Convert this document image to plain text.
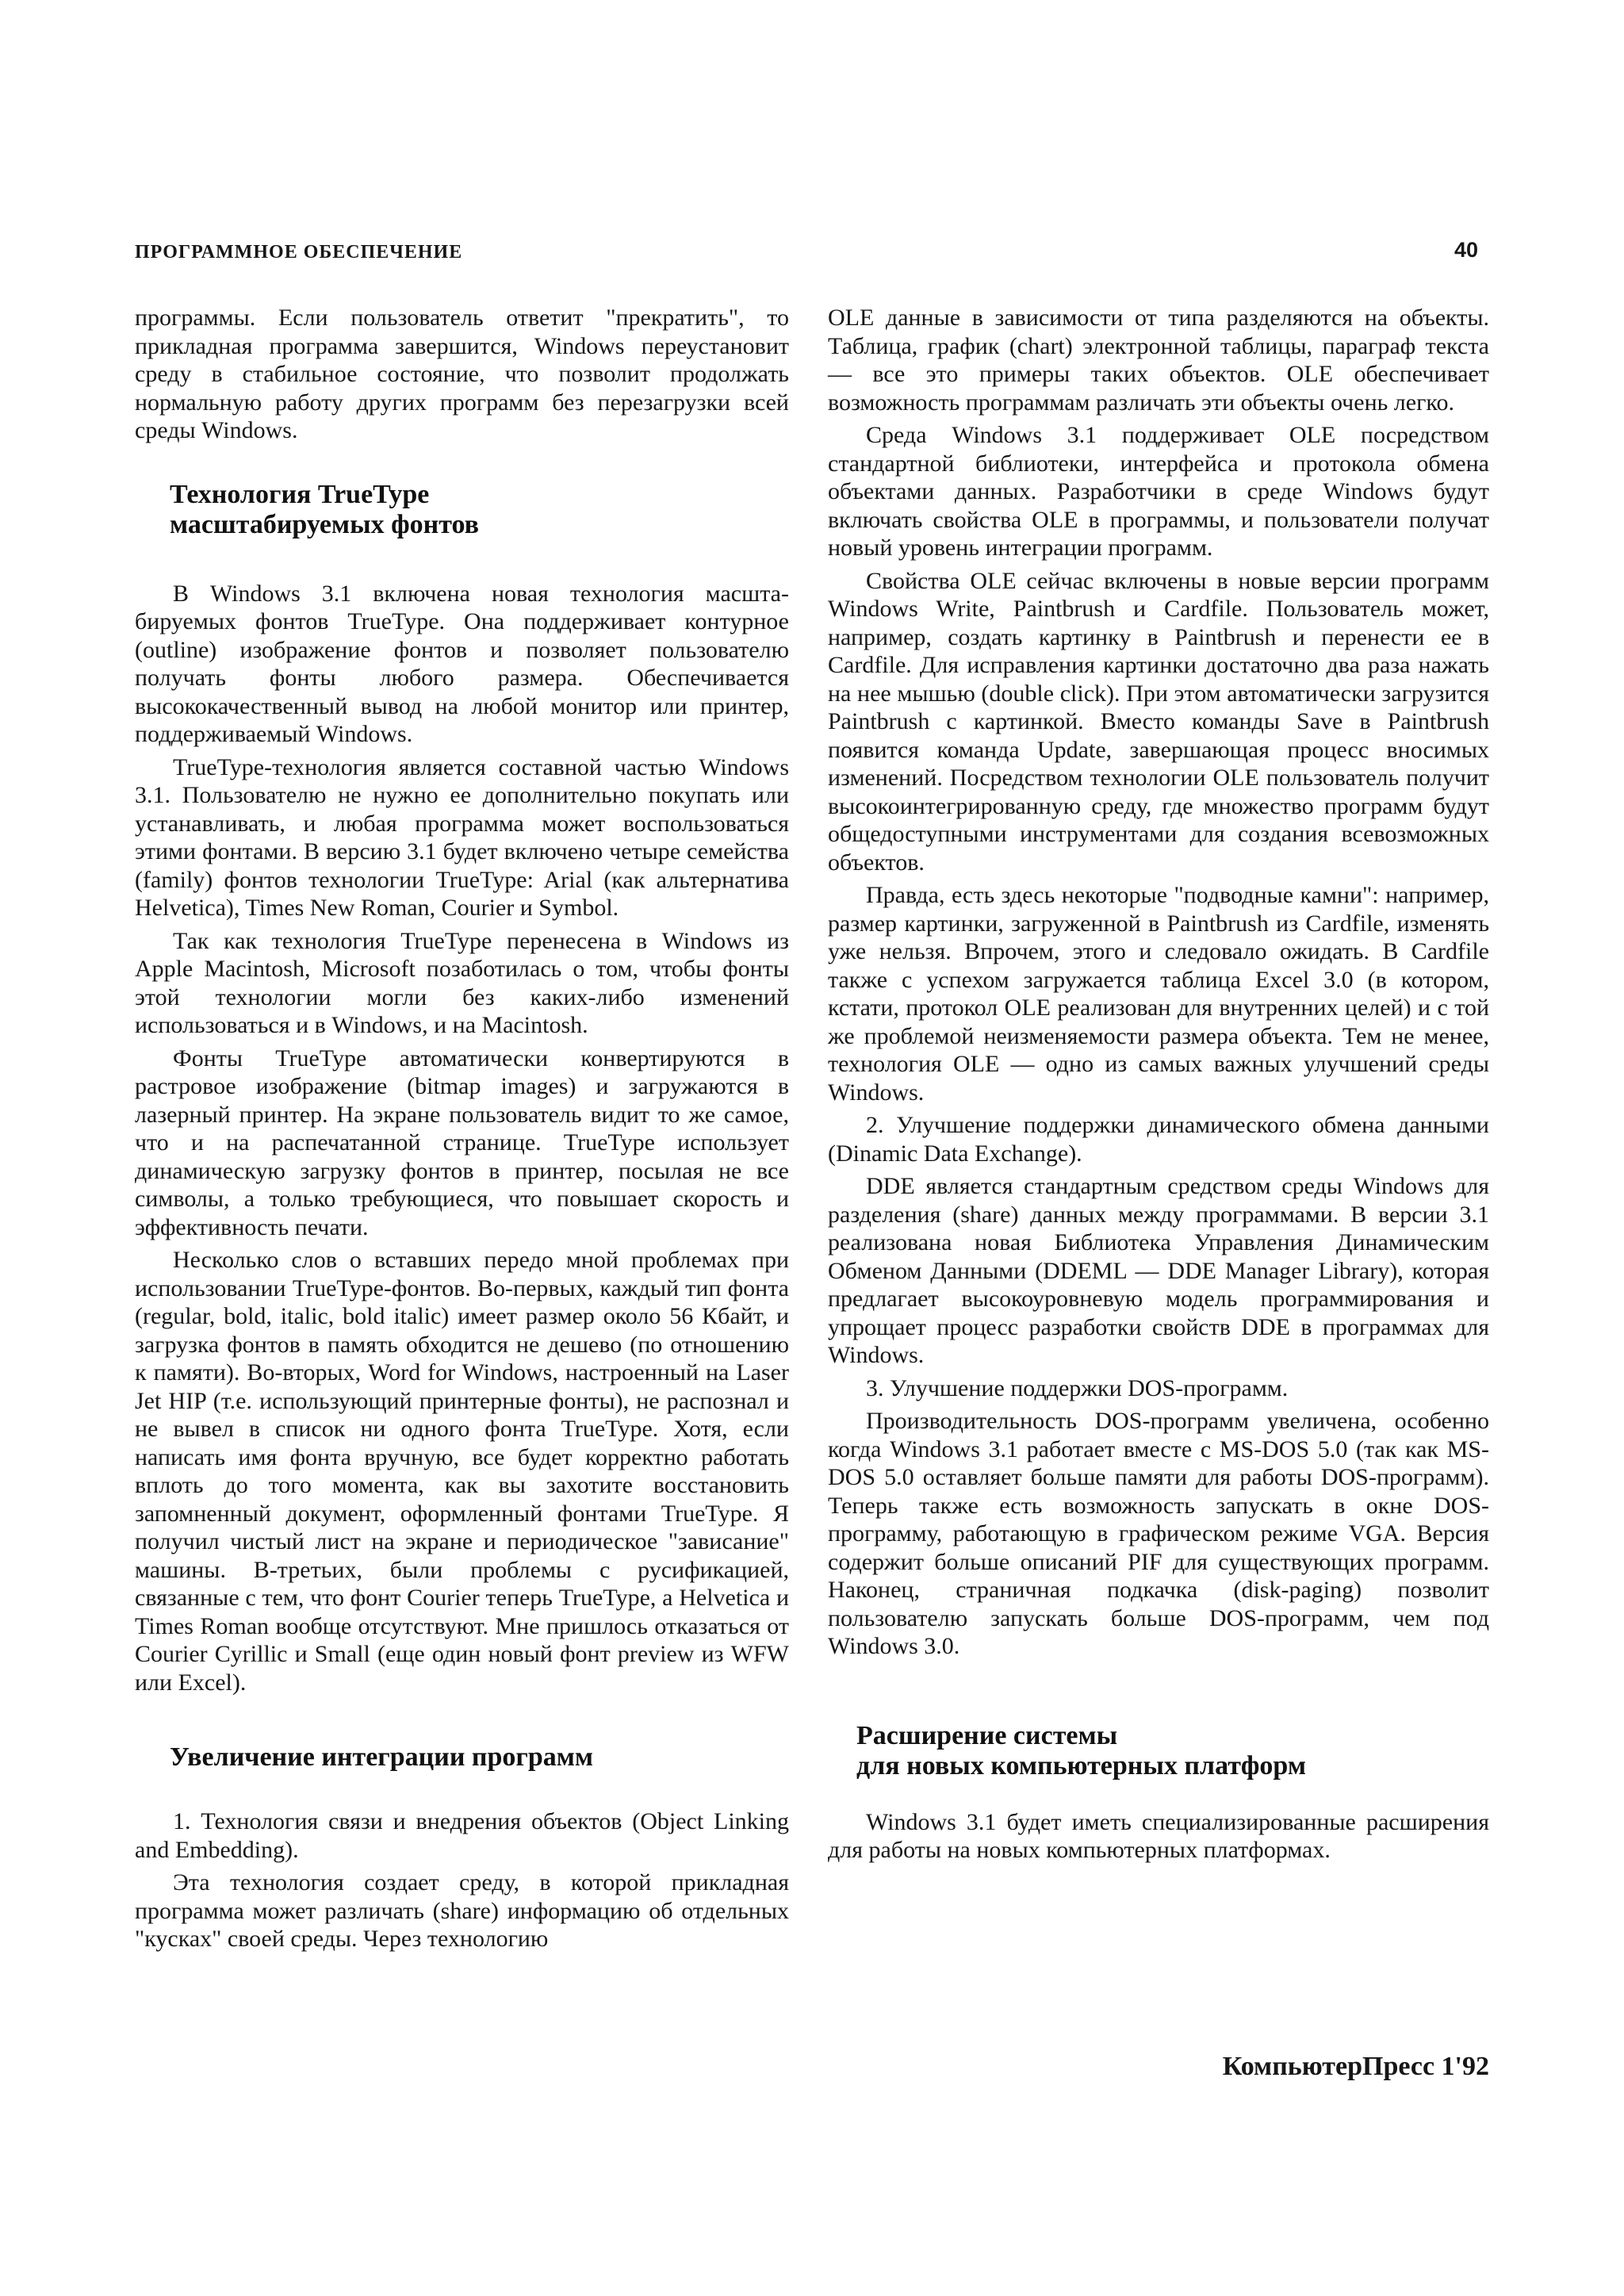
ПРОГРАММНОЕ ОБЕСПЕЧЕНИЕ	40

программы. Если пользователь ответит "прекратить", то прикладная программа завершится, Windows переустановит среду в стабильное состояние, что позволит продолжать нормальную работу других программ без перезагрузки всей среды Windows.

Технология TrueType
масштабируемых фонтов

В Windows 3.1 включена новая технология масштабируемых фонтов TrueType. Она поддерживает контурное (outline) изображение фонтов и позволяет пользователю получать фонты любого размера. Обеспечивается высококачественный вывод на любой монитор или принтер, поддерживаемый Windows.

TrueType-технология является составной частью Windows 3.1. Пользователю не нужно ее дополнительно покупать или устанавливать, и любая программа может воспользоваться этими фонтами. В версию 3.1 будет включено четыре семейства (family) фонтов технологии TrueType: Arial (как альтернатива Helvetica), Times New Roman, Courier и Symbol.

Так как технология TrueType перенесена в Windows из Apple Macintosh, Microsoft позаботилась о том, чтобы фонты этой технологии могли без каких-либо изменений использоваться и в Windows, и на Macintosh.

Фонты TrueType автоматически конвертируются в растровое изображение (bitmap images) и загружаются в лазерный принтер. На экране пользователь видит то же самое, что и на распечатанной странице. TrueType использует динамическую загрузку фонтов в принтер, посылая не все символы, а только требующиеся, что повышает скорость и эффективность печати.

Несколько слов о вставших передо мной проблемах при использовании TrueType-фонтов. Во-первых, каждый тип фонта (regular, bold, italic, bold italic) имеет размер около 56 Кбайт, и загрузка фонтов в память обходится не дешево (по отношению к памяти). Во-вторых, Word for Windows, настроенный на Laser Jet HIP (т.е. использующий принтерные фонты), не распознал и не вывел в список ни одного фонта TrueType. Хотя, если написать имя фонта вручную, все будет корректно работать вплоть до того момента, как вы захотите восстановить запомненный документ, оформленный фонтами TrueType. Я получил чистый лист на экране и периодическое "зависание" машины. В-третьих, были проблемы с русификацией, связанные с тем, что фонт Courier теперь TrueType, а Helvetica и Times Roman вообще отсутствуют. Мне пришлось отказаться от Courier Cyrillic и Small (еще один новый фонт preview из WFW или Excel).

Увеличение интеграции программ

1. Технология связи и внедрения объектов (Object Linking and Embedding).

Эта технология создает среду, в которой прикладная программа может различать (share) информацию об отдельных "кусках" своей среды. Через технологию

OLE данные в зависимости от типа разделяются на объекты. Таблица, график (chart) электронной таблицы, параграф текста — все это примеры таких объектов. OLE обеспечивает возможность программам различать эти объекты очень легко.

Среда Windows 3.1 поддерживает OLE посредством стандартной библиотеки, интерфейса и протокола обмена объектами данных. Разработчики в среде Windows будут включать свойства OLE в программы, и пользователи получат новый уровень интеграции программ.

Свойства OLE сейчас включены в новые версии программ Windows Write, Paintbrush и Cardfile. Пользователь может, например, создать картинку в Paintbrush и перенести ее в Cardfile. Для исправления картинки достаточно два раза нажать на нее мышью (double click). При этом автоматически загрузится Paintbrush с картинкой. Вместо команды Save в Paintbrush появится команда Update, завершающая процесс вносимых изменений. Посредством технологии OLE пользователь получит высокоинтегрированную среду, где множество программ будут общедоступными инструментами для создания всевозможных объектов.

Правда, есть здесь некоторые "подводные камни": например, размер картинки, загруженной в Paintbrush из Cardfile, изменять уже нельзя. Впрочем, этого и следовало ожидать. В Cardfile также с успехом загружается таблица Excel 3.0 (в котором, кстати, протокол OLE реализован для внутренних целей) и с той же проблемой неизменяемости размера объекта. Тем не менее, технология OLE — одно из самых важных улучшений среды Windows.

2. Улучшение поддержки динамического обмена данными (Dinamic Data Exchange).

DDE является стандартным средством среды Windows для разделения (share) данных между программами. В версии 3.1 реализована новая Библиотека Управления Динамическим Обменом Данными (DDEML — DDE Manager Library), которая предлагает высокоуровневую модель программирования и упрощает процесс разработки свойств DDE в программах для Windows.

3. Улучшение поддержки DOS-программ.

Производительность DOS-программ увеличена, особенно когда Windows 3.1 работает вместе с MS-DOS 5.0 (так как MS-DOS 5.0 оставляет больше памяти для работы DOS-программ). Теперь также есть возможность запускать в окне DOS-программу, работающую в графическом режиме VGA. Версия содержит больше описаний PIF для существующих программ. Наконец, страничная подкачка (disk-paging) позволит пользователю запускать больше DOS-программ, чем под Windows 3.0.

Расширение системы
для новых компьютерных платформ

Windows 3.1 будет иметь специализированные расширения для работы на новых компьютерных платформах.

КомпьютерПресс 1'92
